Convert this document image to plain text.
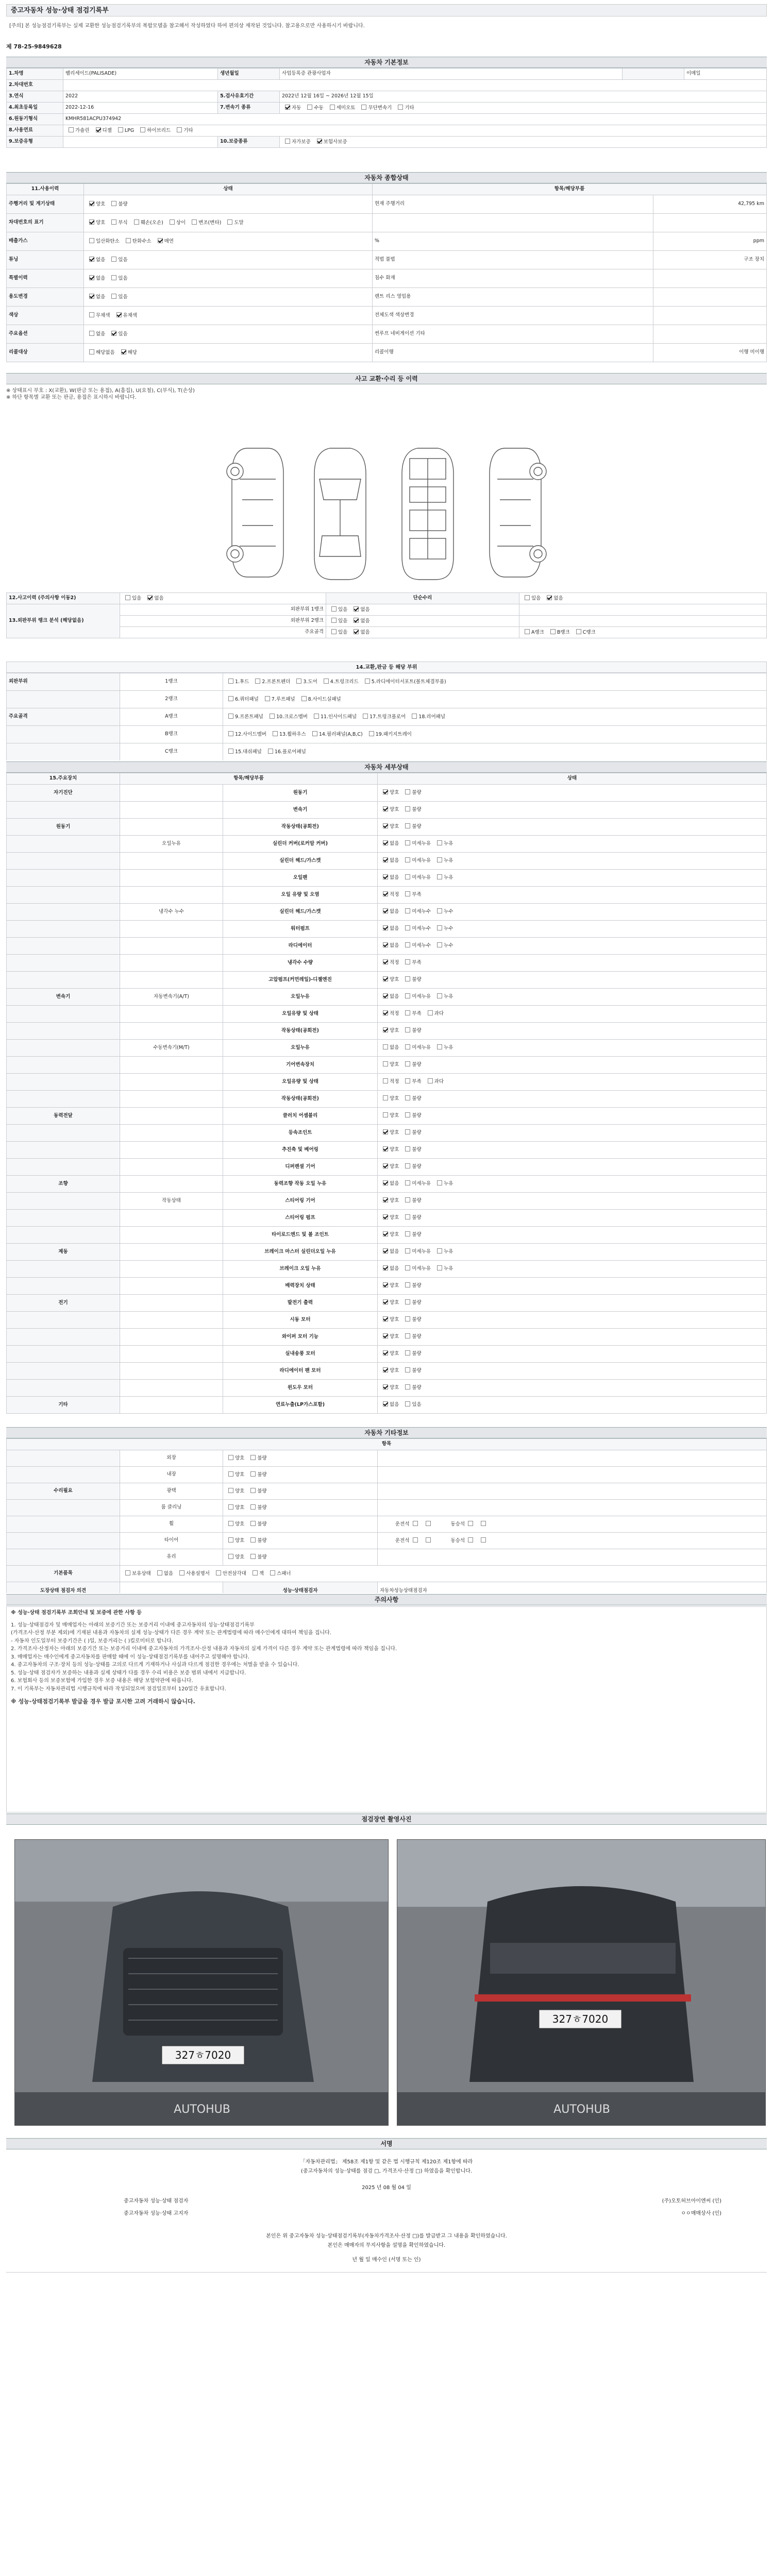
중고자동차 성능·상태 점검기록부
[주의] 본 성능점검기록부는 실제 교환한 성능점검기록부의 복합모델을 참고해서 작성하였다 하여 편의상 재작된 것입니다. 참고용으로만 사용하시기 바랍니다.
제 78-25-9849628
자동차 기본정보
1.차명	팰리세이드(PALISADE)	생년월일	사업등록증 관광사업자		이메일
2.차대번호					
3.연식	2022	5.검사유효기간	2022년 12월 16일 ~ 2026년 12월 15일		
4.최초등록일	2022-12-16	7.변속기 종류	자동 수동 세미오토 무단변속기 기타		
6.원동기형식	KMHR581ACPU374942				
8.사용연료	가솔린 디젤 LPG 하이브리드 기타				
9.보증유형		10.보증종류	자가보증 보험사보증		
자동차 종합상태
11.사용이력	상태	항목/해당부품	
주행거리 및 계기상태	양호 불량	현재 주행거리	42,795 km
차대번호의 표기	양호 부식 훼손(오손) 상이 변조(변타) 도말		
배출가스	일산화탄소 탄화수소 매연	%	ppm
튜닝	없음 있음	적법 불법	구조 장치
특별이력	없음 있음	침수 화재	
용도변경	없음 있음	렌트 리스 영업용	
색상	무채색 유채색	전체도색 색상변경	
주요옵션	없음 있음	썬루프 네비게이션 기타	
리콜대상	해당없음 해당	리콜이행	이행 미이행
사고 교환·수리 등 이력
※ 상태표시 부호 : X(교환), W(판금 또는 용접), A(흠집), U(요철), C(부식), T(손상)
※ 하단 항목별 교환 또는 판금, 용접은 표시하시 바랍니다.
12.사고이력 (주의사항 이동2)	있음 없음	단순수리	있음 없음
13.외판부위 랭크 분석 (해당없음)	외판부위 1랭크	있음 없음	
	외판부위 2랭크	있음 없음	
	주요골격	있음 없음	A랭크 B랭크 C랭크
14.교환,판금 등 해당 부위
외판부위	1랭크	1.후드 2.프론트펜더 3.도어 4.트렁크리드 5.라디에이터서포트(볼트체결부품)
	2랭크	6.쿼터패널 7.루프패널 8.사이드실패널
주요골격	A랭크	9.프론트패널 10.크로스멤버 11.인사이드패널 17.트렁크플로어 18.리어패널
	B랭크	12.사이드멤버 13.휠하우스 14.필러패널(A,B,C) 19.패키지트레이
	C랭크	15.대쉬패널 16.플로어패널
자동차 세부상태
15.주요장치	항목/해당부품		상태
자기진단		원동기	양호 불량
		변속기	양호 불량
원동기		작동상태(공회전)	양호 불량
	오일누유	실린더 커버(로커암 커버)	없음 미세누유 누유
		실린더 헤드/가스켓	없음 미세누유 누유
		오일팬	없음 미세누유 누유
		오일 유량 및 오염	적정 부족
	냉각수 누수	실린더 헤드/가스켓	없음 미세누수 누수
		워터펌프	없음 미세누수 누수
		라디에이터	없음 미세누수 누수
		냉각수 수량	적정 부족
		고압펌프(커먼레일)-디젤엔진	양호 불량
변속기	자동변속기(A/T)	오일누유	없음 미세누유 누유
		오일유량 및 상태	적정 부족 과다
		작동상태(공회전)	양호 불량
	수동변속기(M/T)	오일누유	없음 미세누유 누유
		기어변속장치	양호 불량
		오일유량 및 상태	적정 부족 과다
		작동상태(공회전)	양호 불량
동력전달		클러치 어셈블리	양호 불량
		등속조인트	양호 불량
		추진축 및 베어링	양호 불량
		디퍼렌셜 기어	양호 불량
조향		동력조향 작동 오일 누유	없음 미세누유 누유
	작동상태	스티어링 기어	양호 불량
		스티어링 펌프	양호 불량
		타이로드엔드 및 볼 조인트	양호 불량
제동		브레이크 마스터 실린더오일 누유	없음 미세누유 누유
		브레이크 오일 누유	없음 미세누유 누유
		배력장치 상태	양호 불량
전기		발전기 출력	양호 불량
		시동 모터	양호 불량
		와이퍼 모터 기능	양호 불량
		실내송풍 모터	양호 불량
		라디에이터 팬 모터	양호 불량
		윈도우 모터	양호 불량
기타		연료누출(LP가스포함)	없음 있음
자동차 기타정보
항목			
	외장	양호 불량	
	내장	양호 불량	
수리필요	광택	양호 불량	
	룸 클리닝	양호 불량	
	휠	양호 불량	운전석 동승석
	타이어	양호 불량	운전석 동승석
	유리	양호 불량	
기본품목	보유상태 없음 사용설명서 안전삼각대 잭 스패너		
도장상태 점검자 의견		성능·상태점검자	자동차성능상태점검자
주의사항
※ 성능·상태 점검기록부 조회안내 및 보증에 관한 사항 등
1. 성능·상태점검자 및 매매업자는 아래의 보증기간 또는 보증거리 이내에 중고자동차의 성능·상태점검기록부
(가격조사·산정 부분 제외)에 기재된 내용과 자동차의 실제 성능·상태가 다른 경우 계약 또는 관계법령에 따라 매수인에게 대하여 책임을 집니다.
- 자동차 인도일부터 보증기간은 ( )일, 보증거리는 ( )킬로미터로 합니다.
2. 가격조사·산정자는 아래의 보증기간 또는 보증거리 이내에 중고자동차의 가격조사·산정 내용과 자동차의 실제 가격이 다른 경우 계약 또는 관계법령에 따라 책임을 집니다.
3. 매매업자는 매수인에게 중고자동차를 판매할 때에 이 성능·상태점검기록부를 내어주고 설명해야 합니다.
4. 중고자동차의 구조·장치 등의 성능·상태를 고의로 다르게 기재하거나 사실과 다르게 점검한 경우에는 처벌을 받을 수 있습니다.
5. 성능·상태 점검자가 보증하는 내용과 실제 상태가 다를 경우 수리 비용은 보증 범위 내에서 지급합니다.
6. 보험회사 등의 보증보험에 가입한 경우 보증 내용은 해당 보험약관에 따릅니다.
7. 이 기록부는 자동차관리법 시행규칙에 따라 작성되었으며 점검일로부터 120일간 유효합니다.
※ 성능·상태점검기록부 발급을 경우 발급 포시한 고려 거래하시 않습니다.
점검장면 촬영사진
327ㅎ7020
AUTOHUB
327ㅎ7020
AUTOHUB
서명
「자동차관리법」 제58조 제1항 및 같은 법 시행규칙 제120조 제1항에 따라
(중고자동차의 성능·상태를 점검 □, 가격조사·산정 □) 하였음을 확인합니다.
2025 년 08 월 04 일
중고자동차 성능·상태 점검자	(주)오토허브아이엔씨 (인)
중고자동차 성능·상태 고지자	ㅇㅇ매매상사 (인)
본인은 위 중고자동차 성능·상태점검기록부(자동차가격조사·산정 □)를 발급받고 그 내용을 확인하였습니다.
본인은 매매자의 무지사항을 설명을 확인하였습니다.
년 월 일 매수인 (서명 또는 인)
